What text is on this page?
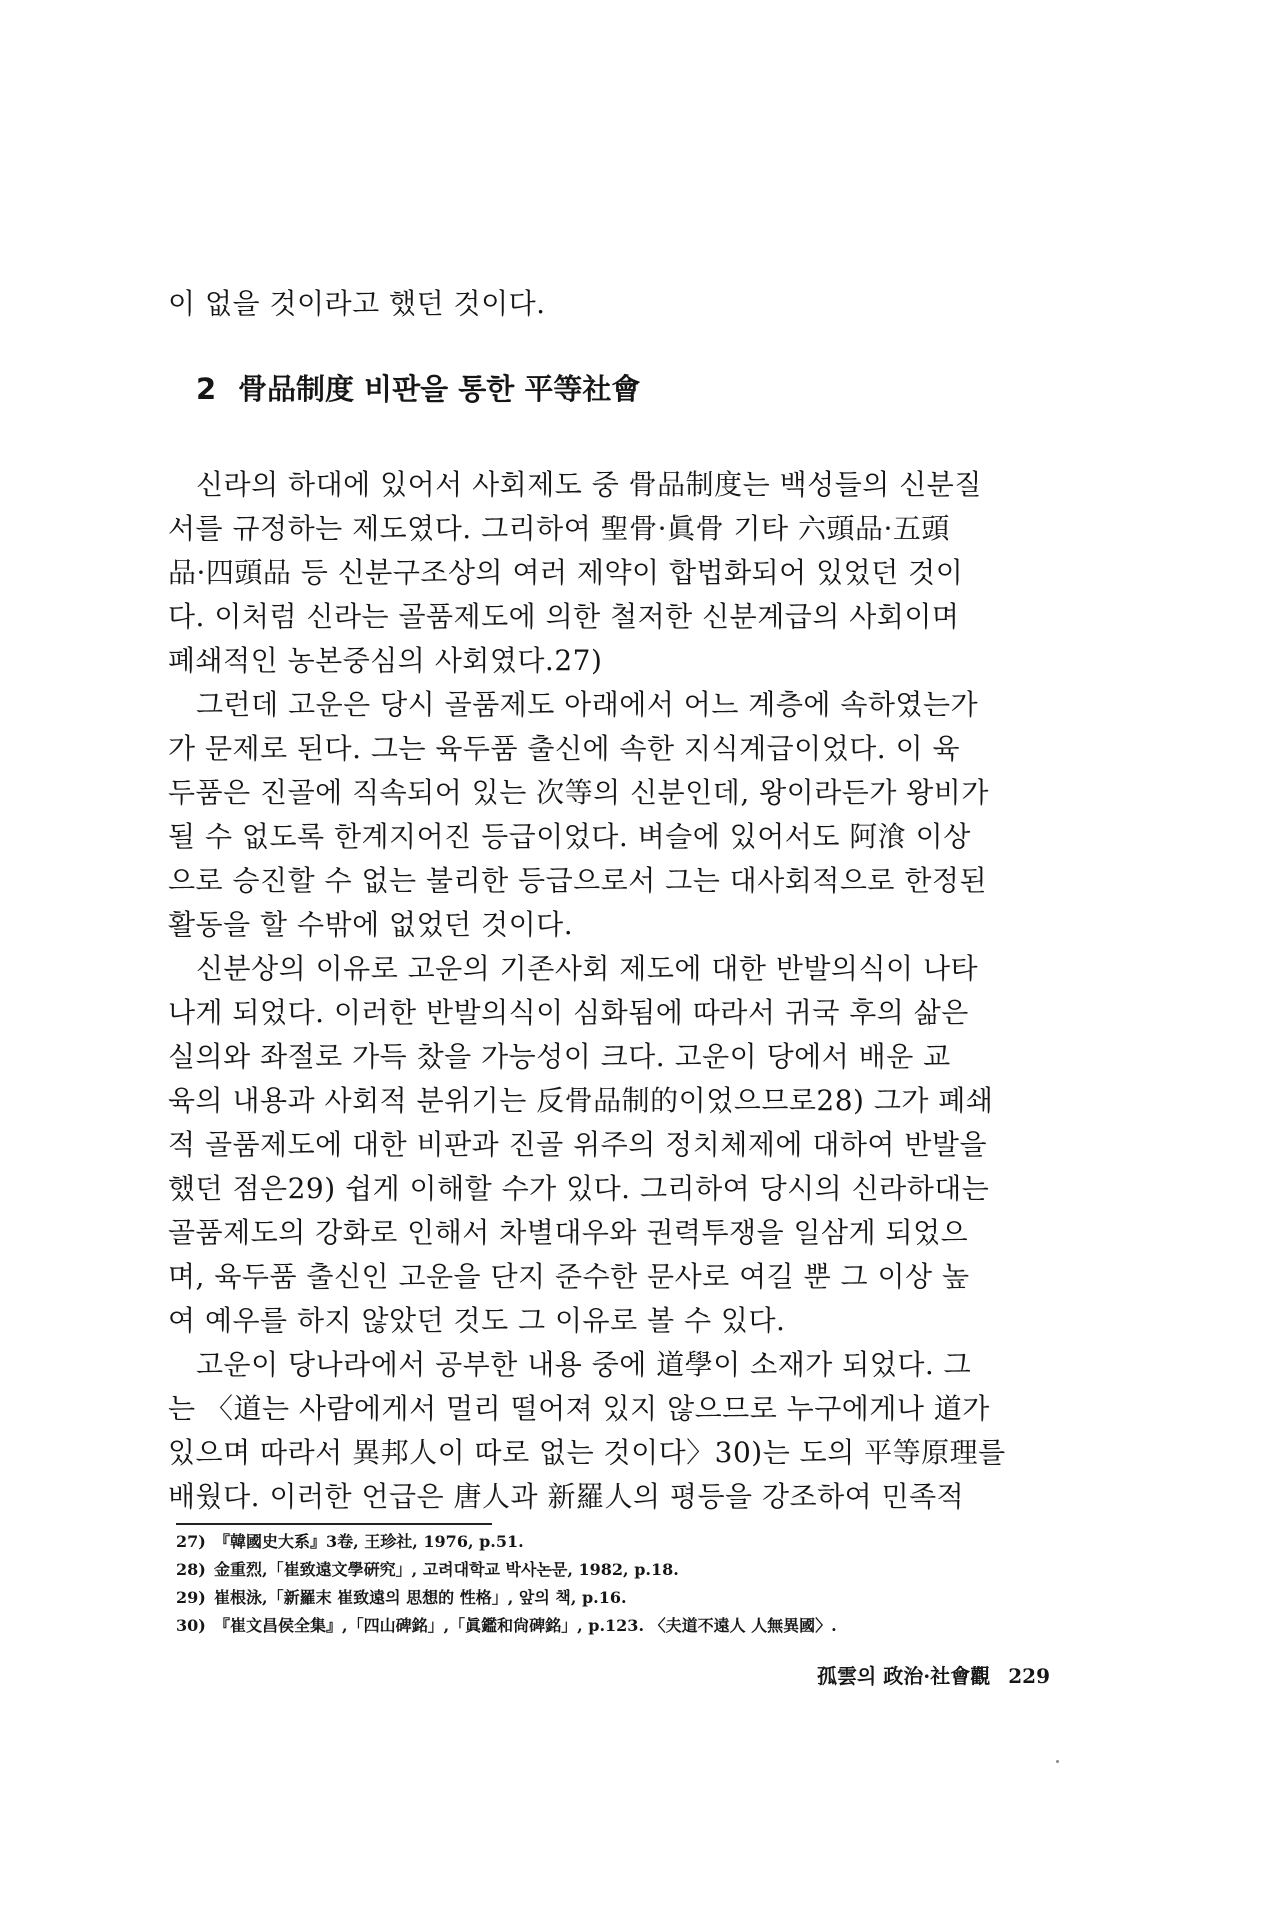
이 없을 것이라고 했던 것이다.
2 骨品制度 비판을 통한 平等社會
신라의 하대에 있어서 사회제도 중 骨品制度는 백성들의 신분질
서를 규정하는 제도였다. 그리하여 聖骨·眞骨 기타 六頭品·五頭
品·四頭品 등 신분구조상의 여러 제약이 합법화되어 있었던 것이
다. 이처럼 신라는 골품제도에 의한 철저한 신분계급의 사회이며
폐쇄적인 농본중심의 사회였다.27)
그런데 고운은 당시 골품제도 아래에서 어느 계층에 속하였는가
가 문제로 된다. 그는 육두품 출신에 속한 지식계급이었다. 이 육
두품은 진골에 직속되어 있는 次等의 신분인데, 왕이라든가 왕비가
될 수 없도록 한계지어진 등급이었다. 벼슬에 있어서도 阿湌 이상
으로 승진할 수 없는 불리한 등급으로서 그는 대사회적으로 한정된
활동을 할 수밖에 없었던 것이다.
신분상의 이유로 고운의 기존사회 제도에 대한 반발의식이 나타
나게 되었다. 이러한 반발의식이 심화됨에 따라서 귀국 후의 삶은
실의와 좌절로 가득 찼을 가능성이 크다. 고운이 당에서 배운 교
육의 내용과 사회적 분위기는 反骨品制的이었으므로28) 그가 폐쇄
적 골품제도에 대한 비판과 진골 위주의 정치체제에 대하여 반발을
했던 점은29) 쉽게 이해할 수가 있다. 그리하여 당시의 신라하대는
골품제도의 강화로 인해서 차별대우와 권력투쟁을 일삼게 되었으
며, 육두품 출신인 고운을 단지 준수한 문사로 여길 뿐 그 이상 높
여 예우를 하지 않았던 것도 그 이유로 볼 수 있다.
고운이 당나라에서 공부한 내용 중에 道學이 소재가 되었다. 그
는 〈道는 사람에게서 멀리 떨어져 있지 않으므로 누구에게나 道가
있으며 따라서 異邦人이 따로 없는 것이다〉30)는 도의 平等原理를
배웠다. 이러한 언급은 唐人과 新羅人의 평등을 강조하여 민족적
27) 『韓國史大系』3卷, 王珍社, 1976, p.51.
28) 金重烈,「崔致遠文學硏究」, 고려대학교 박사논문, 1982, p.18.
29) 崔根泳,「新羅末 崔致遠의 思想的 性格」, 앞의 책, p.16.
30) 『崔文昌侯全集』,「四山碑銘」,「眞鑑和尙碑銘」, p.123. 〈夫道不遠人 人無異國〉.
孤雲의 政治·社會觀 229
